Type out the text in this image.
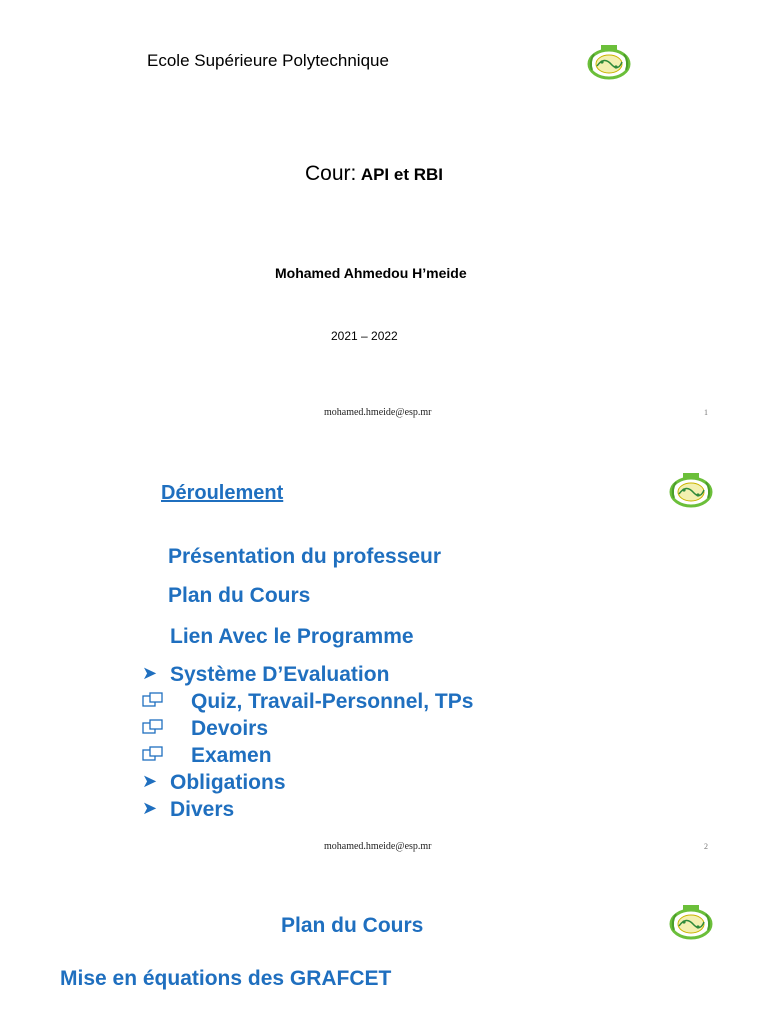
Ecole Supérieure Polytechnique
Cour: API et RBI
Mohamed Ahmedou H’meide
2021 – 2022
mohamed.hmeide@esp.mr	1
Déroulement
Présentation du professeur
Plan du Cours
Lien Avec le Programme
➤ Système D’Evaluation
Quiz, Travail-Personnel, TPs
Devoirs
Examen
➤ Obligations
➤ Divers
mohamed.hmeide@esp.mr	2
Plan du Cours
Mise en équations des GRAFCET
